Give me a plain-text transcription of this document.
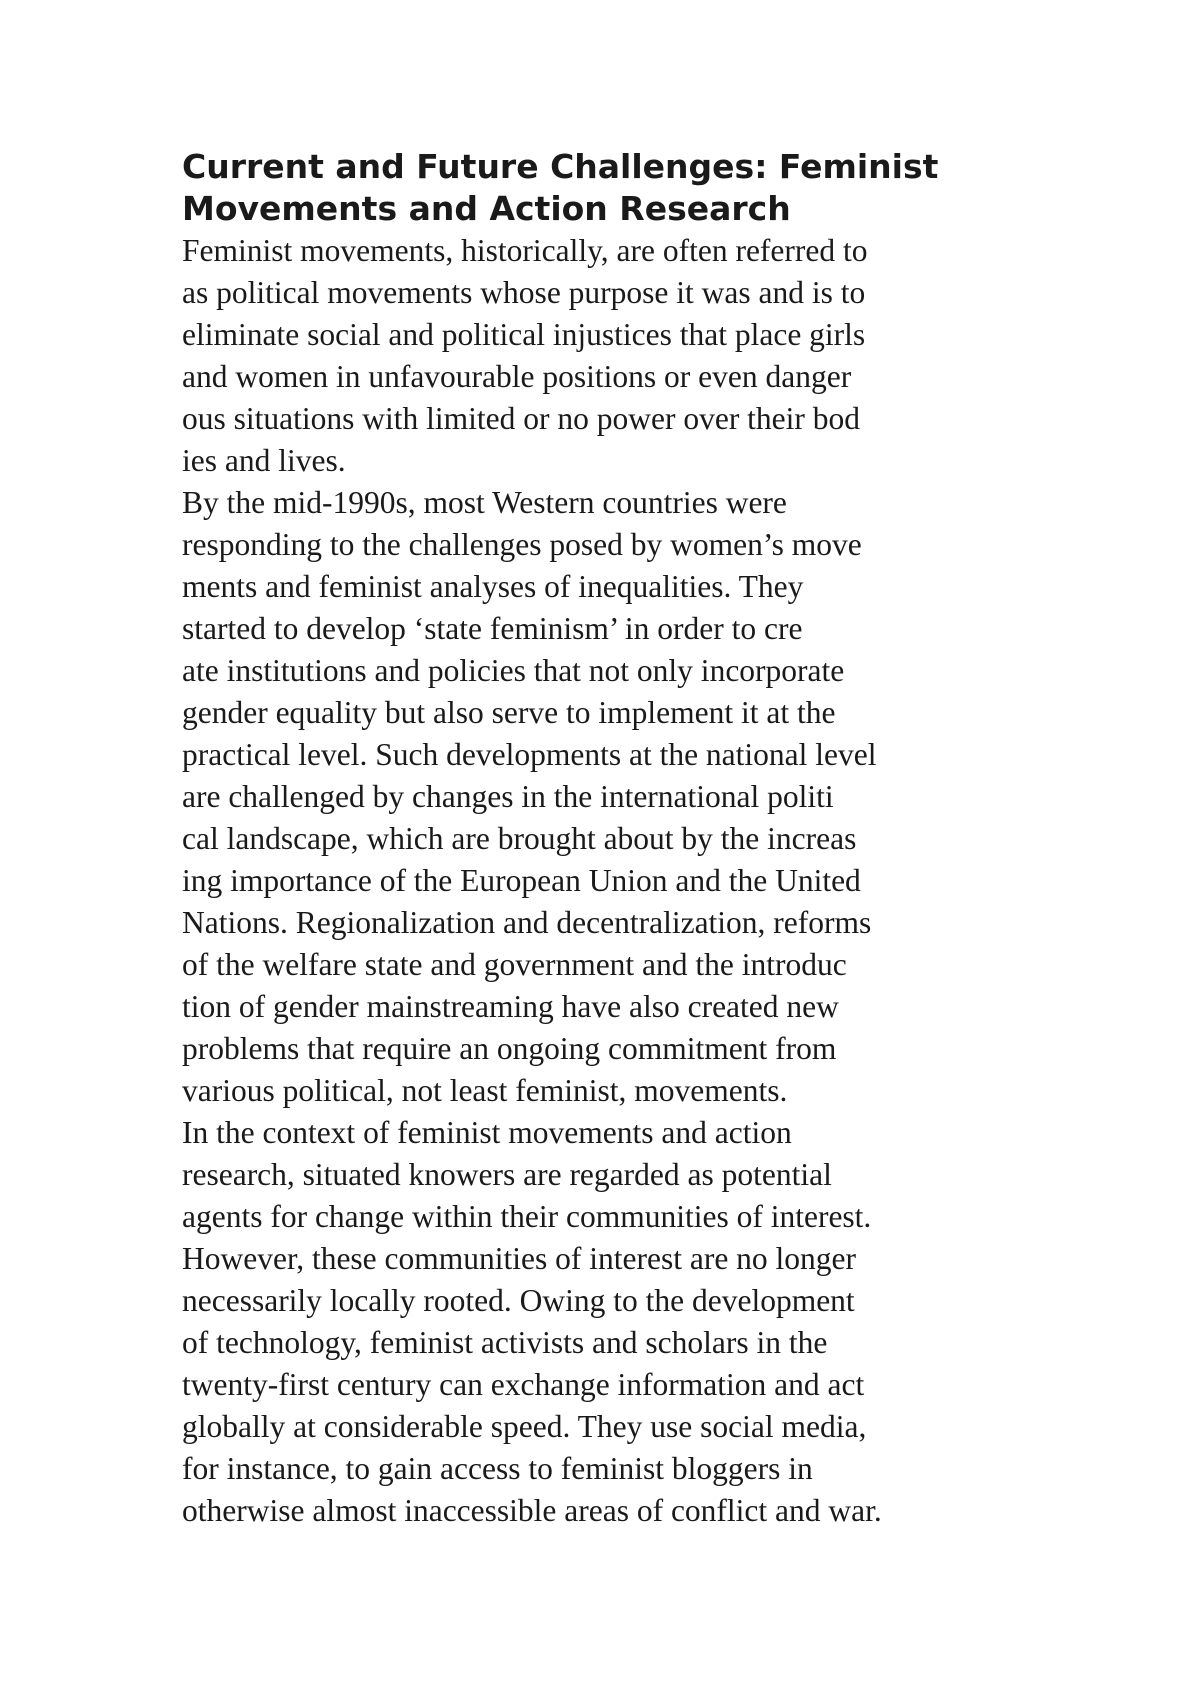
Current and Future Challenges: Feminist
Movements and Action Research
Feminist movements, historically, are often referred to
as political movements whose purpose it was and is to
eliminate social and political injustices that place girls
and women in unfavourable positions or even danger
ous situations with limited or no power over their bod
ies and lives.
By the mid-1990s, most Western countries were
responding to the challenges posed by women’s move
ments and feminist analyses of inequalities. They
started to develop ‘state feminism’ in order to cre
ate institutions and policies that not only incorporate
gender equality but also serve to implement it at the
practical level. Such developments at the national level
are challenged by changes in the international politi
cal landscape, which are brought about by the increas
ing importance of the European Union and the United
Nations. Regionalization and decentralization, reforms
of the welfare state and government and the introduc
tion of gender mainstreaming have also created new
problems that require an ongoing commitment from
various political, not least feminist, movements.
In the context of feminist movements and action
research, situated knowers are regarded as potential
agents for change within their communities of interest.
However, these communities of interest are no longer
necessarily locally rooted. Owing to the development
of technology, feminist activists and scholars in the
twenty-first century can exchange information and act
globally at considerable speed. They use social media,
for instance, to gain access to feminist bloggers in
otherwise almost inaccessible areas of conflict and war.
